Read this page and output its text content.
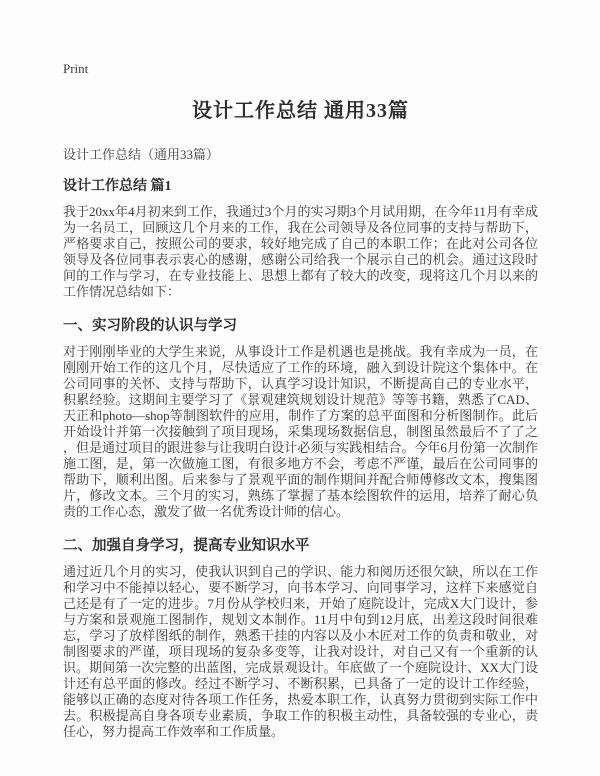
Print
设计工作总结 通用33篇
设计工作总结（通用33篇）
设计工作总结 篇1

我于20xx年4月初来到工作，我通过3个月的实习期3个月试用期，在今年11月有幸成为一名员工，回顾这几个月来的工作，我在公司领导及各位同事的支持与帮助下，严格要求自己，按照公司的要求，较好地完成了自己的本职工作；在此对公司各位领导及各位同事表示衷心的感谢，感谢公司给我一个展示自己的机会。通过这段时间的工作与学习，在专业技能上、思想上都有了较大的改变，现将这几个月以来的工作情况总结如下：

一、实习阶段的认识与学习

对于刚刚毕业的大学生来说，从事设计工作是机遇也是挑战。我有幸成为一员，在刚刚开始工作的这几个月，尽快适应了工作的环境，融入到设计院这个集体中。在公司同事的关怀、支持与帮助下，认真学习设计知识，不断提高自己的专业水平，积累经验。这期间主要学习了《景观建筑规划设计规范》等等书籍，熟悉了CAD、天正和photo—shop等制图软件的应用，制作了方案的总平面图和分析图制作。此后开始设计并第一次接触到了项目现场，采集现场数据信息，制图虽然最后不了了之，但是通过项目的跟进参与让我明白设计必须与实践相结合。今年6月份第一次制作施工图，是，第一次做施工图，有很多地方不会，考虑不严谨，最后在公司同事的帮助下，顺利出图。后来参与了景观平面的制作期间并配合师傅修改文本，搜集图片，修改文本。三个月的实习，熟练了掌握了基本绘图软件的运用，培养了耐心负责的工作心态，激发了做一名优秀设计师的信心。

二、加强自身学习，提高专业知识水平

通过近几个月的实习，使我认识到自己的学识、能力和阅历还很欠缺，所以在工作和学习中不能掉以轻心，要不断学习，向书本学习、向同事学习，这样下来感觉自己还是有了一定的进步。7月份从学校归来，开始了庭院设计，完成X大门设计，参与方案和景观施工图制作，规划文本制作。11月中旬到12月底，出差这段时间很难忘，学习了放样图纸的制作，熟悉干挂的内容以及小木匠对工作的负责和敬业，对制图要求的严谨，项目现场的复杂多变等，让我对设计，对自己又有一个重新的认识。期间第一次完整的出蓝图，完成景观设计。年底做了一个庭院设计、XX大门设计还有总平面的修改。经过不断学习、不断积累，已具备了一定的设计工作经验，能够以正确的态度对待各项工作任务，热爱本职工作，认真努力贯彻到实际工作中去。积极提高自身各项专业素质，争取工作的积极主动性，具备较强的专业心，责任心，努力提高工作效率和工作质量。
